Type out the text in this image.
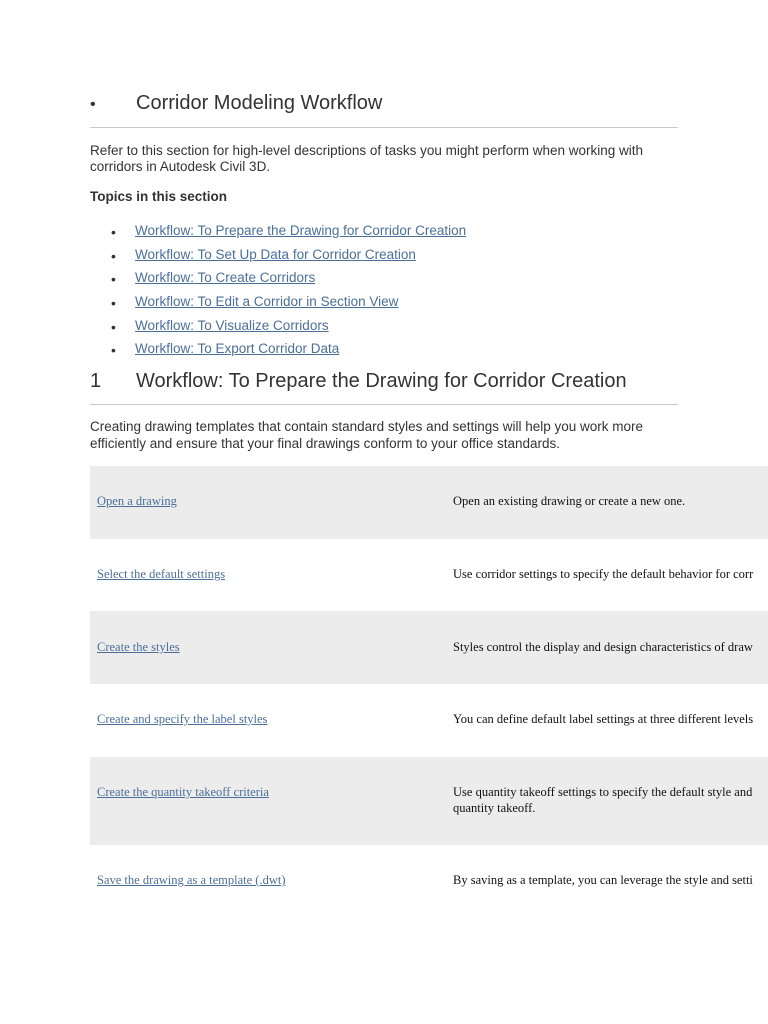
• Corridor Modeling Workflow
Refer to this section for high-level descriptions of tasks you might perform when working with corridors in Autodesk Civil 3D.
Topics in this section
• Workflow: To Prepare the Drawing for Corridor Creation
• Workflow: To Set Up Data for Corridor Creation
• Workflow: To Create Corridors
• Workflow: To Edit a Corridor in Section View
• Workflow: To Visualize Corridors
• Workflow: To Export Corridor Data
1 Workflow: To Prepare the Drawing for Corridor Creation
Creating drawing templates that contain standard styles and settings will help you work more efficiently and ensure that your final drawings conform to your office standards.
Open a drawing	Open an existing drawing or create a new one.
Select the default settings	Use corridor settings to specify the default behavior for corr
Create the styles	Styles control the display and design characteristics of draw
Create and specify the label styles	You can define default label settings at three different levels
Create the quantity takeoff criteria	Use quantity takeoff settings to specify the default style and quantity takeoff.
Save the drawing as a template (.dwt)	By saving as a template, you can leverage the style and setti
